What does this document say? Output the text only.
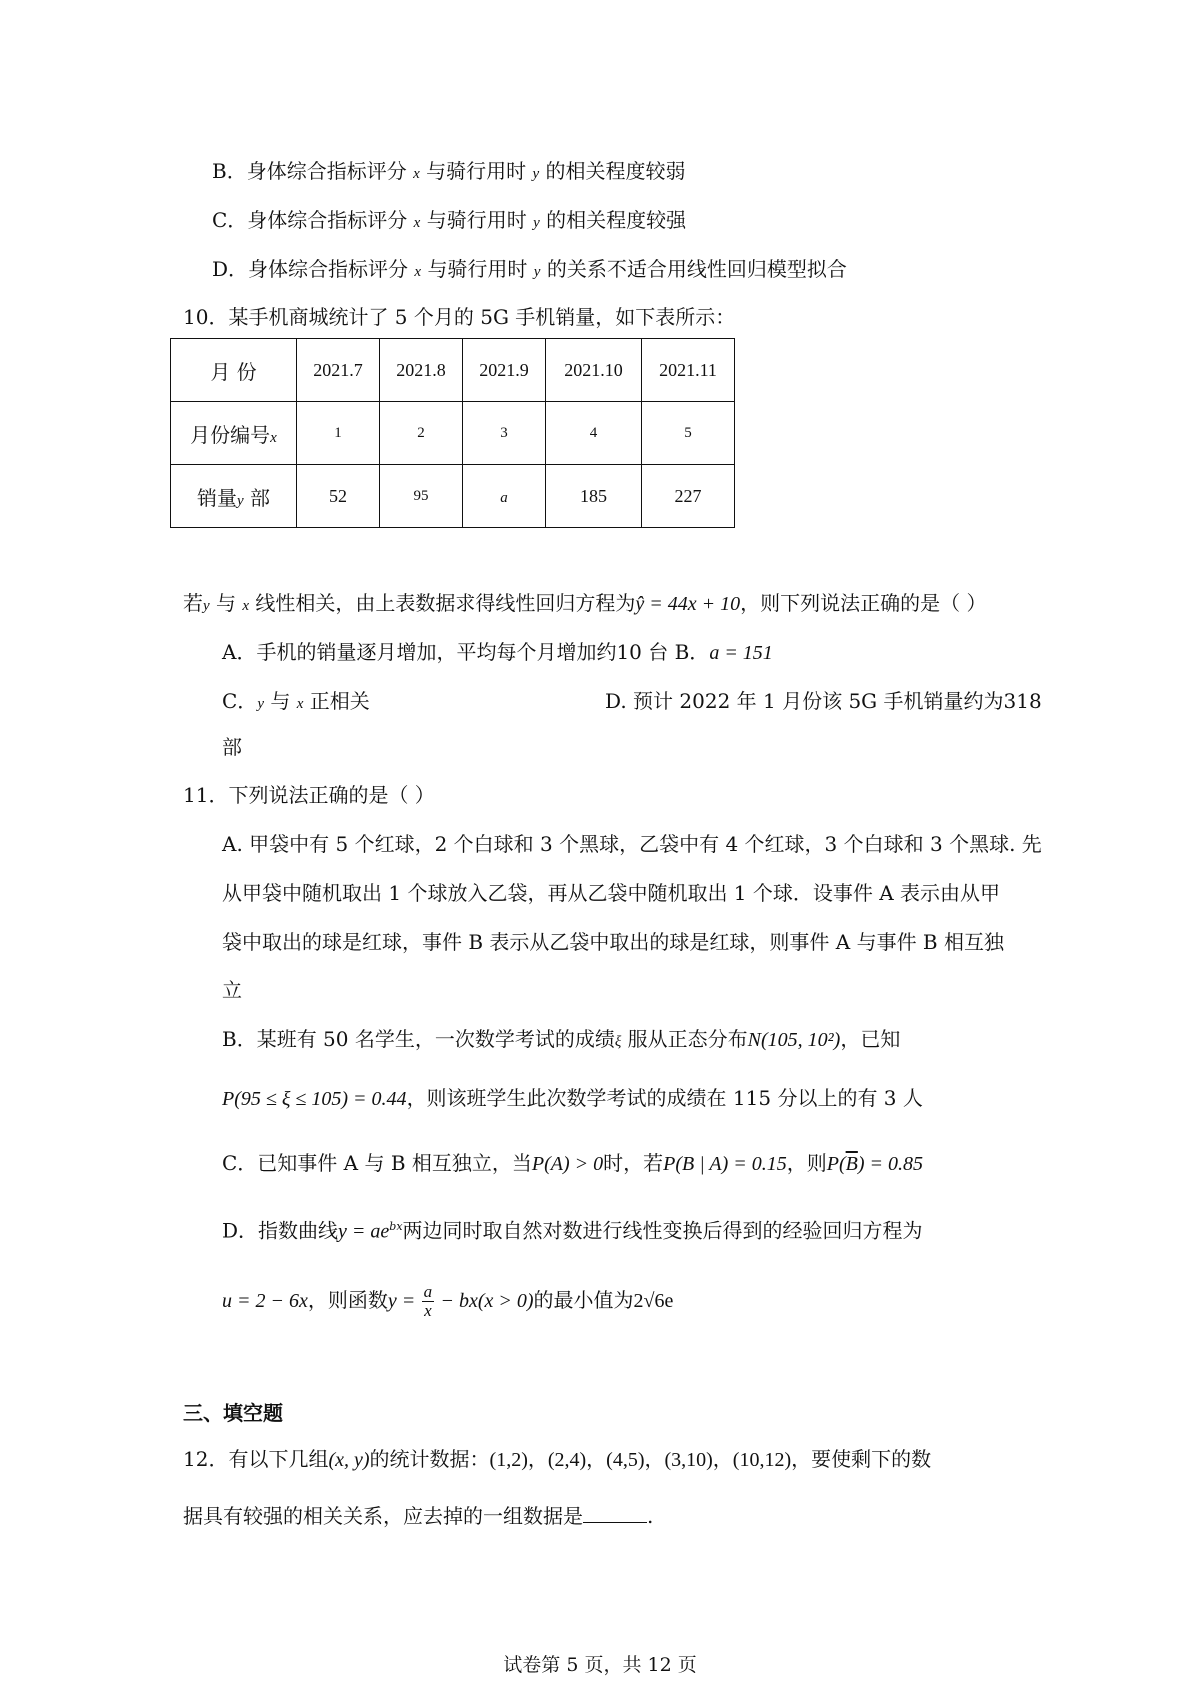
B．身体综合指标评分 x 与骑行用时 y 的相关程度较弱
C．身体综合指标评分 x 与骑行用时 y 的相关程度较强
D．身体综合指标评分 x 与骑行用时 y 的关系不适合用线性回归模型拟合
10．某手机商城统计了 5 个月的 5G 手机销量，如下表所示：
月 份	2021.7	2021.8	2021.9	2021.10	2021.11
月份编号x	1	2	3	4	5
销量y 部	52	95	a	185	227
若y 与 x 线性相关，由上表数据求得线性回归方程为ŷ = 44x + 10，则下列说法正确的是（ ）
A．手机的销量逐月增加，平均每个月增加约10 台 B．a = 151
C．y 与 x 正相关	D. 预计 2022 年 1 月份该 5G 手机销量约为318
部
11．下列说法正确的是（ ）
A. 甲袋中有 5 个红球，2 个白球和 3 个黑球，乙袋中有 4 个红球，3 个白球和 3 个黑球. 先
从甲袋中随机取出 1 个球放入乙袋，再从乙袋中随机取出 1 个球．设事件 A 表示由从甲
袋中取出的球是红球，事件 B 表示从乙袋中取出的球是红球，则事件 A 与事件 B 相互独
立
B．某班有 50 名学生，一次数学考试的成绩ξ 服从正态分布N(105, 10²)，已知
P(95 ≤ ξ ≤ 105) = 0.44，则该班学生此次数学考试的成绩在 115 分以上的有 3 人
C．已知事件 A 与 B 相互独立，当P(A) > 0时，若P(B | A) = 0.15，则$P(\overline{B}) = 0.85$
D．指数曲线$y = ae^{bx}$两边同时取自然对数进行线性变换后得到的经验回归方程为
u = 2 − 6x，则函数$y = \frac{a}{x} - bx(x > 0)$的最小值为2√6e
三、填空题
12．有以下几组(x, y)的统计数据：(1,2)，(2,4)，(4,5)，(3,10)，(10,12)，要使剩下的数
据具有较强的相关关系，应去掉的一组数据是	.
试卷第 5 页，共 12 页
